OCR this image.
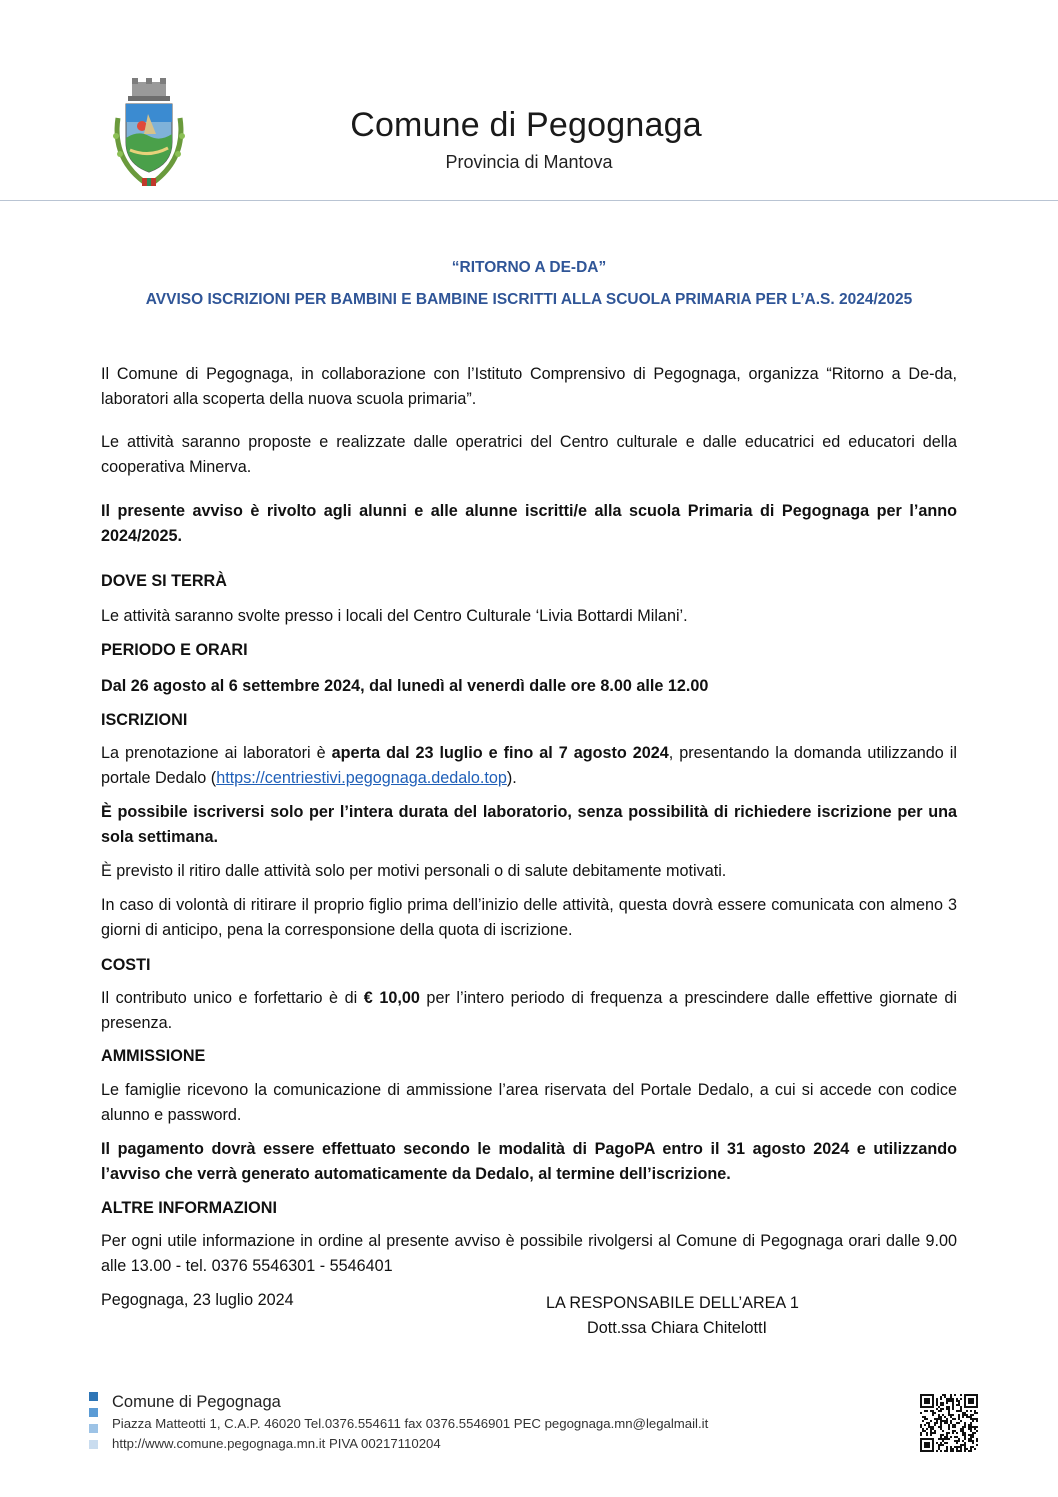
Comune di Pegognaga
Provincia di Mantova
“RITORNO A DE-DA”
AVVISO ISCRIZIONI PER BAMBINI E BAMBINE ISCRITTI ALLA SCUOLA PRIMARIA PER L’A.S. 2024/2025

Il Comune di Pegognaga, in collaborazione con l’Istituto Comprensivo di Pegognaga, organizza “Ritorno a De-da, laboratori alla scoperta della nuova scuola primaria”.

Le attività saranno proposte e realizzate dalle operatrici del Centro culturale e dalle educatrici ed educatori della cooperativa Minerva.

Il presente avviso è rivolto agli alunni e alle alunne iscritti/e alla scuola Primaria di Pegognaga per l’anno 2024/2025.

DOVE SI TERRÀ
Le attività saranno svolte presso i locali del Centro Culturale ‘Livia Bottardi Milani’.
PERIODO E ORARI
Dal 26 agosto al 6 settembre 2024, dal lunedì al venerdì dalle ore 8.00 alle 12.00
ISCRIZIONI

La prenotazione ai laboratori è aperta dal 23 luglio e fino al 7 agosto 2024, presentando la domanda utilizzando il portale Dedalo (https://centriestivi.pegognaga.dedalo.top).

È possibile iscriversi solo per l’intera durata del laboratorio, senza possibilità di richiedere iscrizione per una sola settimana.

È previsto il ritiro dalle attività solo per motivi personali o di salute debitamente motivati.

In caso di volontà di ritirare il proprio figlio prima dell’inizio delle attività, questa dovrà essere comunicata con almeno 3 giorni di anticipo, pena la corresponsione della quota di iscrizione.

COSTI

Il contributo unico e forfettario è di € 10,00 per l’intero periodo di frequenza a prescindere dalle effettive giornate di presenza.

AMMISSIONE

Le famiglie ricevono la comunicazione di ammissione l’area riservata del Portale Dedalo, a cui si accede con codice alunno e password.

Il pagamento dovrà essere effettuato secondo le modalità di PagoPA entro il 31 agosto 2024 e utilizzando l’avviso che verrà generato automaticamente da Dedalo, al termine dell’iscrizione.

ALTRE INFORMAZIONI

Per ogni utile informazione in ordine al presente avviso è possibile rivolgersi al Comune di Pegognaga orari dalle 9.00 alle 13.00 - tel. 0376 5546301 - 5546401

Pegognaga, 23 luglio 2024	LA RESPONSABILE DELL’AREA 1
Dott.ssa Chiara ChitelottI
Comune di Pegognaga
Piazza Matteotti 1, C.A.P. 46020 Tel.0376.554611 fax 0376.5546901 PEC pegognaga.mn@legalmail.it
http://www.comune.pegognaga.mn.it PIVA 00217110204
